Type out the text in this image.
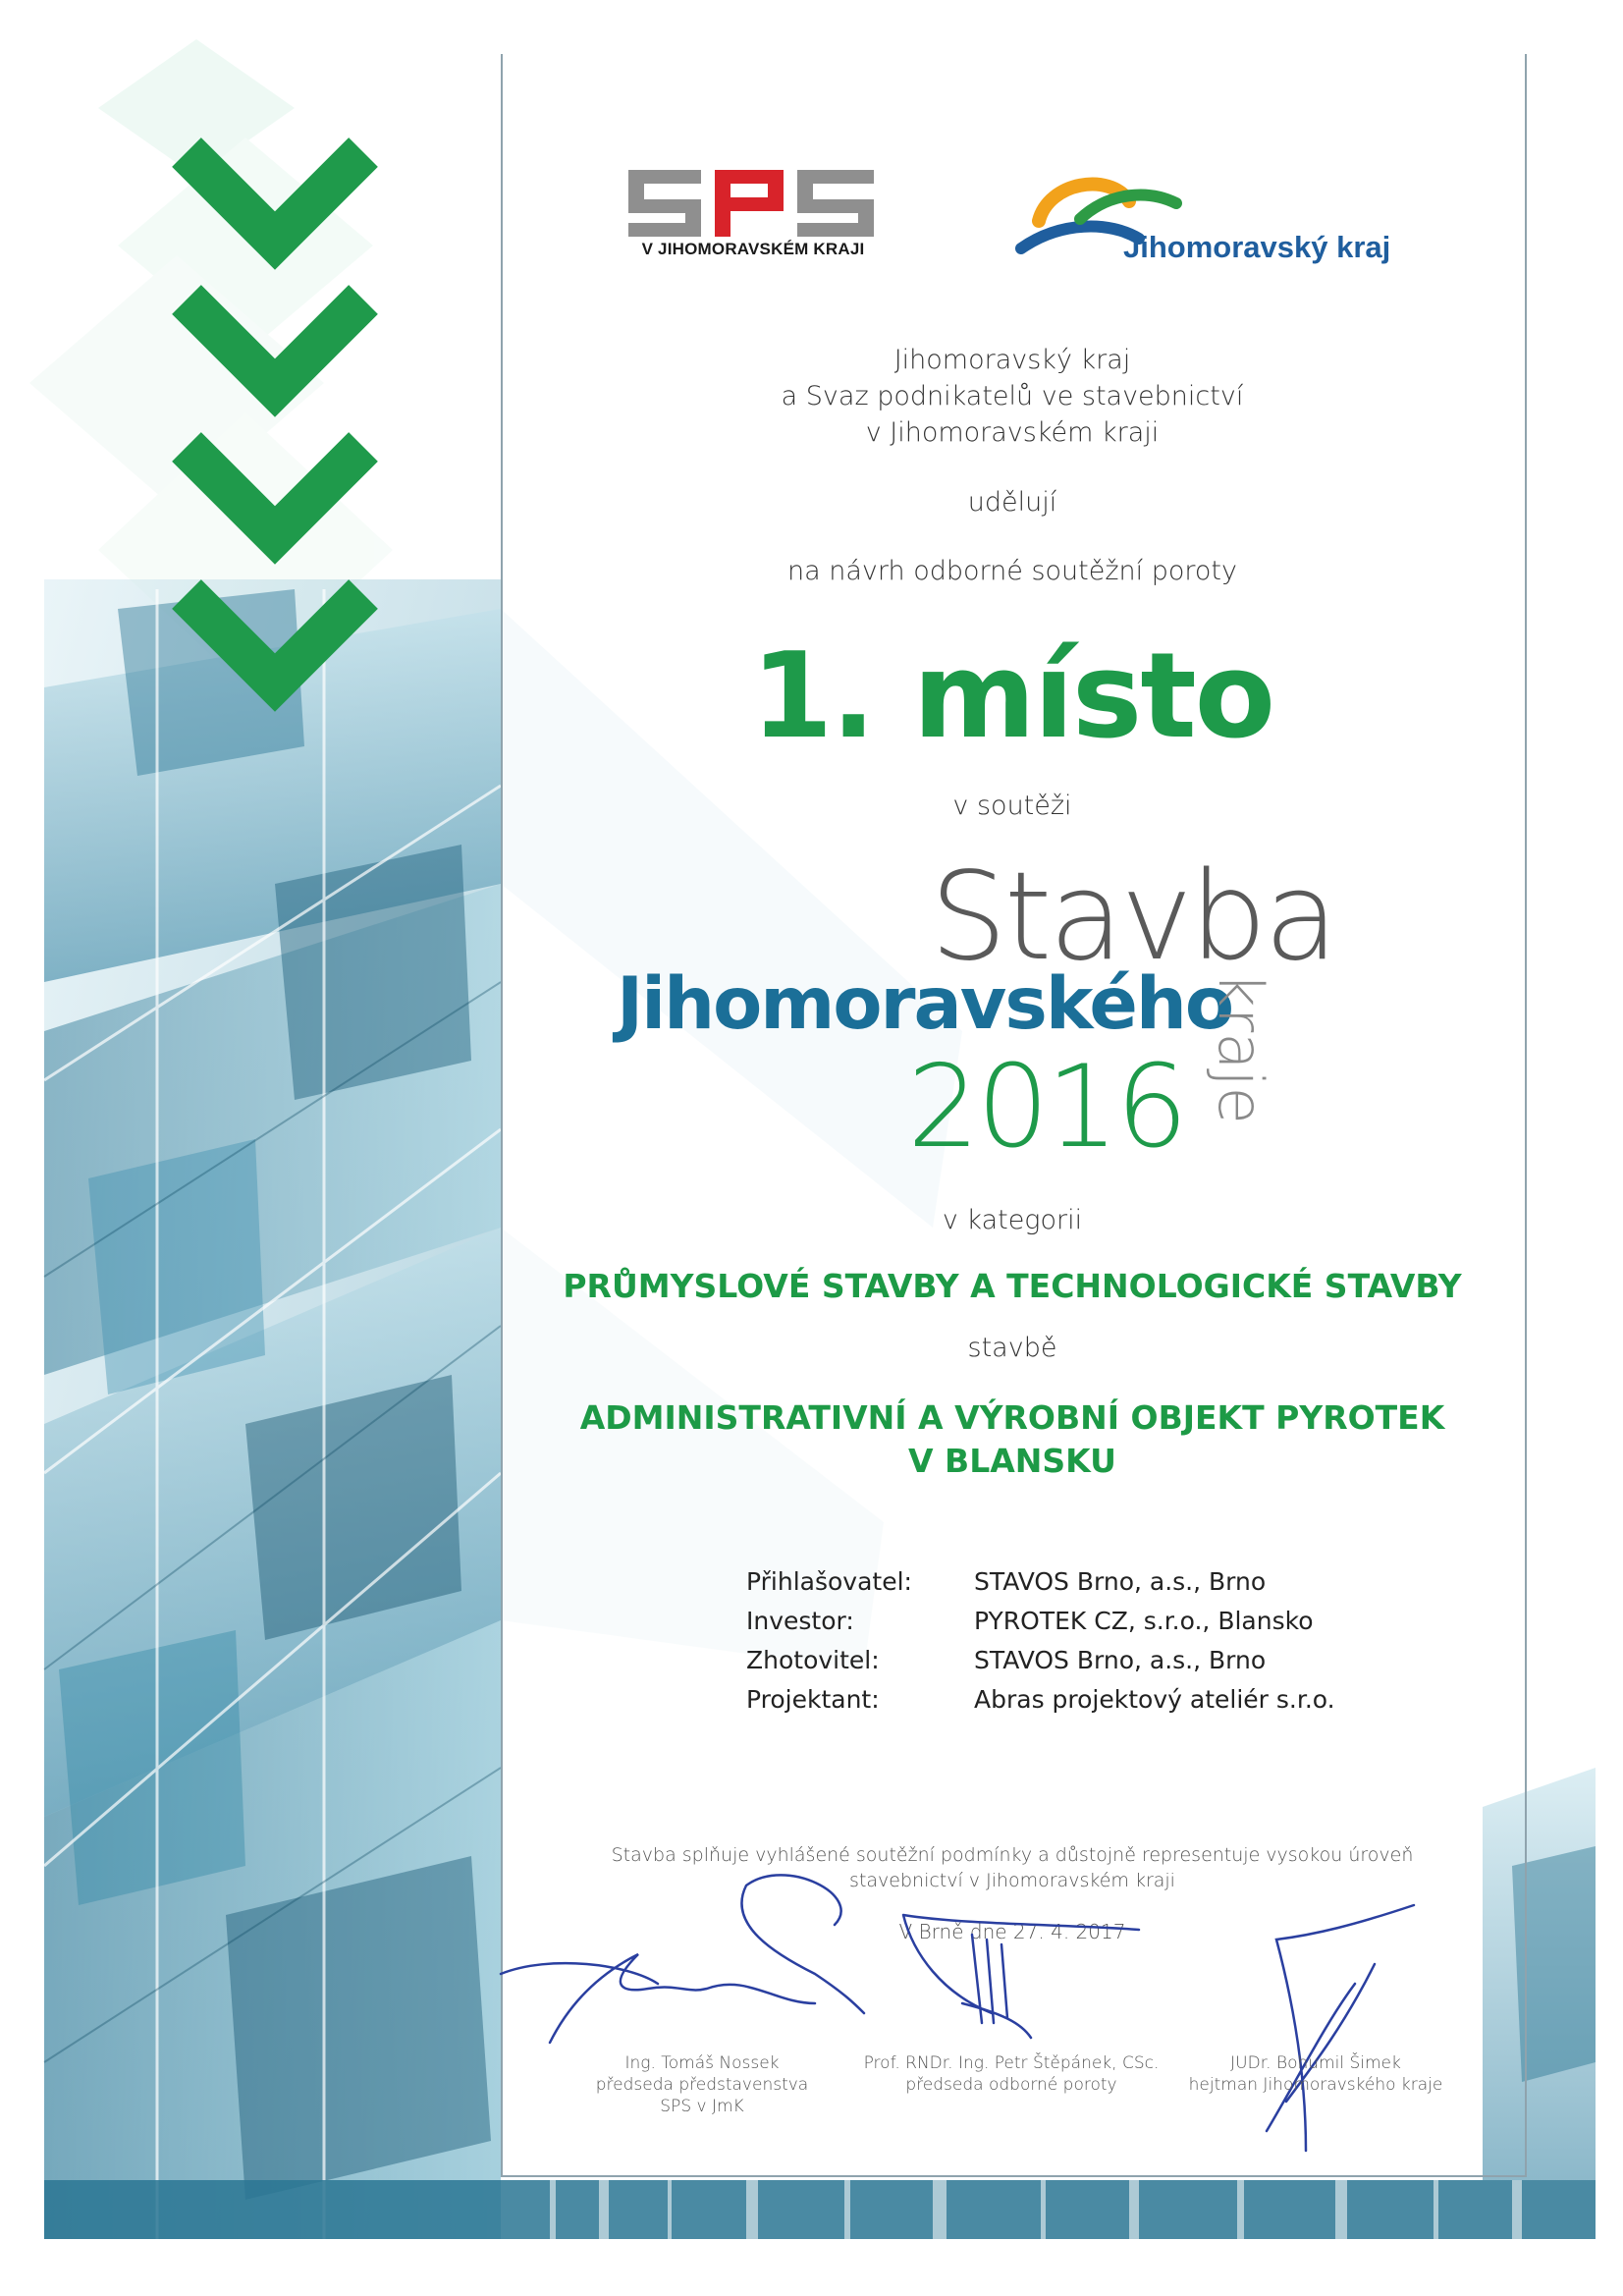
V JIHOMORAVSKÉM KRAJI	Jihomoravský kraj
Jihomoravský kraj
a Svaz podnikatelů ve stavebnictví
v Jihomoravském kraji
udělují
na návrh odborné soutěžní poroty
1. místo
v soutěži
Stavba
Jihomoravského
2016 kraje
v kategorii
PRŮMYSLOVÉ STAVBY A TECHNOLOGICKÉ STAVBY
stavbě
ADMINISTRATIVNÍ A VÝROBNÍ OBJEKT PYROTEK
V BLANSKU
Přihlašovatel:	STAVOS Brno, a.s., Brno
Investor:	PYROTEK CZ, s.r.o., Blansko
Zhotovitel:	STAVOS Brno, a.s., Brno
Projektant:	Abras projektový ateliér s.r.o.
Stavba splňuje vyhlášené soutěžní podmínky a důstojně representuje vysokou úroveň
stavebnictví v Jihomoravském kraji
V Brně dne 27. 4. 2017
Ing. Tomáš Nossek
předseda představenstva
SPS v JmK
Prof. RNDr. Ing. Petr Štěpánek, CSc.
předseda odborné poroty
JUDr. Bohumil Šimek
hejtman Jihomoravského kraje
